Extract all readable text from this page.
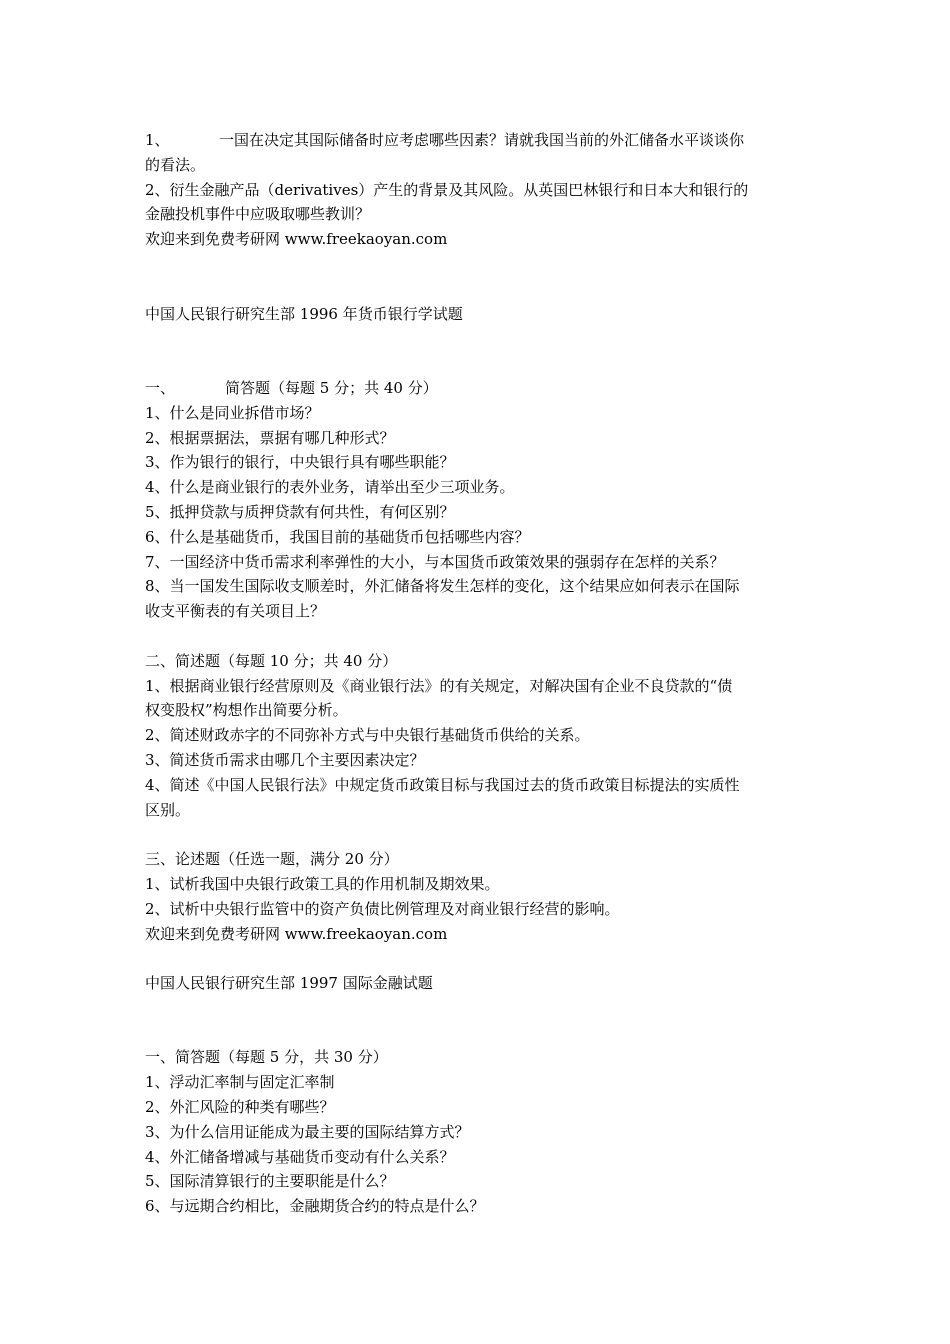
1、	一国在决定其国际储备时应考虑哪些因素？请就我国当前的外汇储备水平谈谈你
的看法。
2、衍生金融产品（derivatives）产生的背景及其风险。从英国巴林银行和日本大和银行的
金融投机事件中应吸取哪些教训？
欢迎来到免费考研网 www.freekaoyan.com
中国人民银行研究生部 1996 年货币银行学试题
一、	简答题（每题 5 分；共 40 分）
1、什么是同业拆借市场？
2、根据票据法，票据有哪几种形式？
3、作为银行的银行，中央银行具有哪些职能？
4、什么是商业银行的表外业务，请举出至少三项业务。
5、抵押贷款与质押贷款有何共性，有何区别？
6、什么是基础货币，我国目前的基础货币包括哪些内容？
7、一国经济中货币需求利率弹性的大小，与本国货币政策效果的强弱存在怎样的关系？
8、当一国发生国际收支顺差时，外汇储备将发生怎样的变化，这个结果应如何表示在国际
收支平衡表的有关项目上？
二、简述题（每题 10 分；共 40 分）
1、根据商业银行经营原则及《商业银行法》的有关规定，对解决国有企业不良贷款的“债
权变股权”构想作出简要分析。
2、简述财政赤字的不同弥补方式与中央银行基础货币供给的关系。
3、简述货币需求由哪几个主要因素决定？
4、简述《中国人民银行法》中规定货币政策目标与我国过去的货币政策目标提法的实质性
区别。
三、论述题（任选一题，满分 20 分）
1、试析我国中央银行政策工具的作用机制及期效果。
2、试析中央银行监管中的资产负债比例管理及对商业银行经营的影响。
欢迎来到免费考研网 www.freekaoyan.com
中国人民银行研究生部 1997 国际金融试题
一、简答题（每题 5 分，共 30 分）
1、浮动汇率制与固定汇率制
2、外汇风险的种类有哪些？
3、为什么信用证能成为最主要的国际结算方式？
4、外汇储备增减与基础货币变动有什么关系？
5、国际清算银行的主要职能是什么？
6、与远期合约相比，金融期货合约的特点是什么？
